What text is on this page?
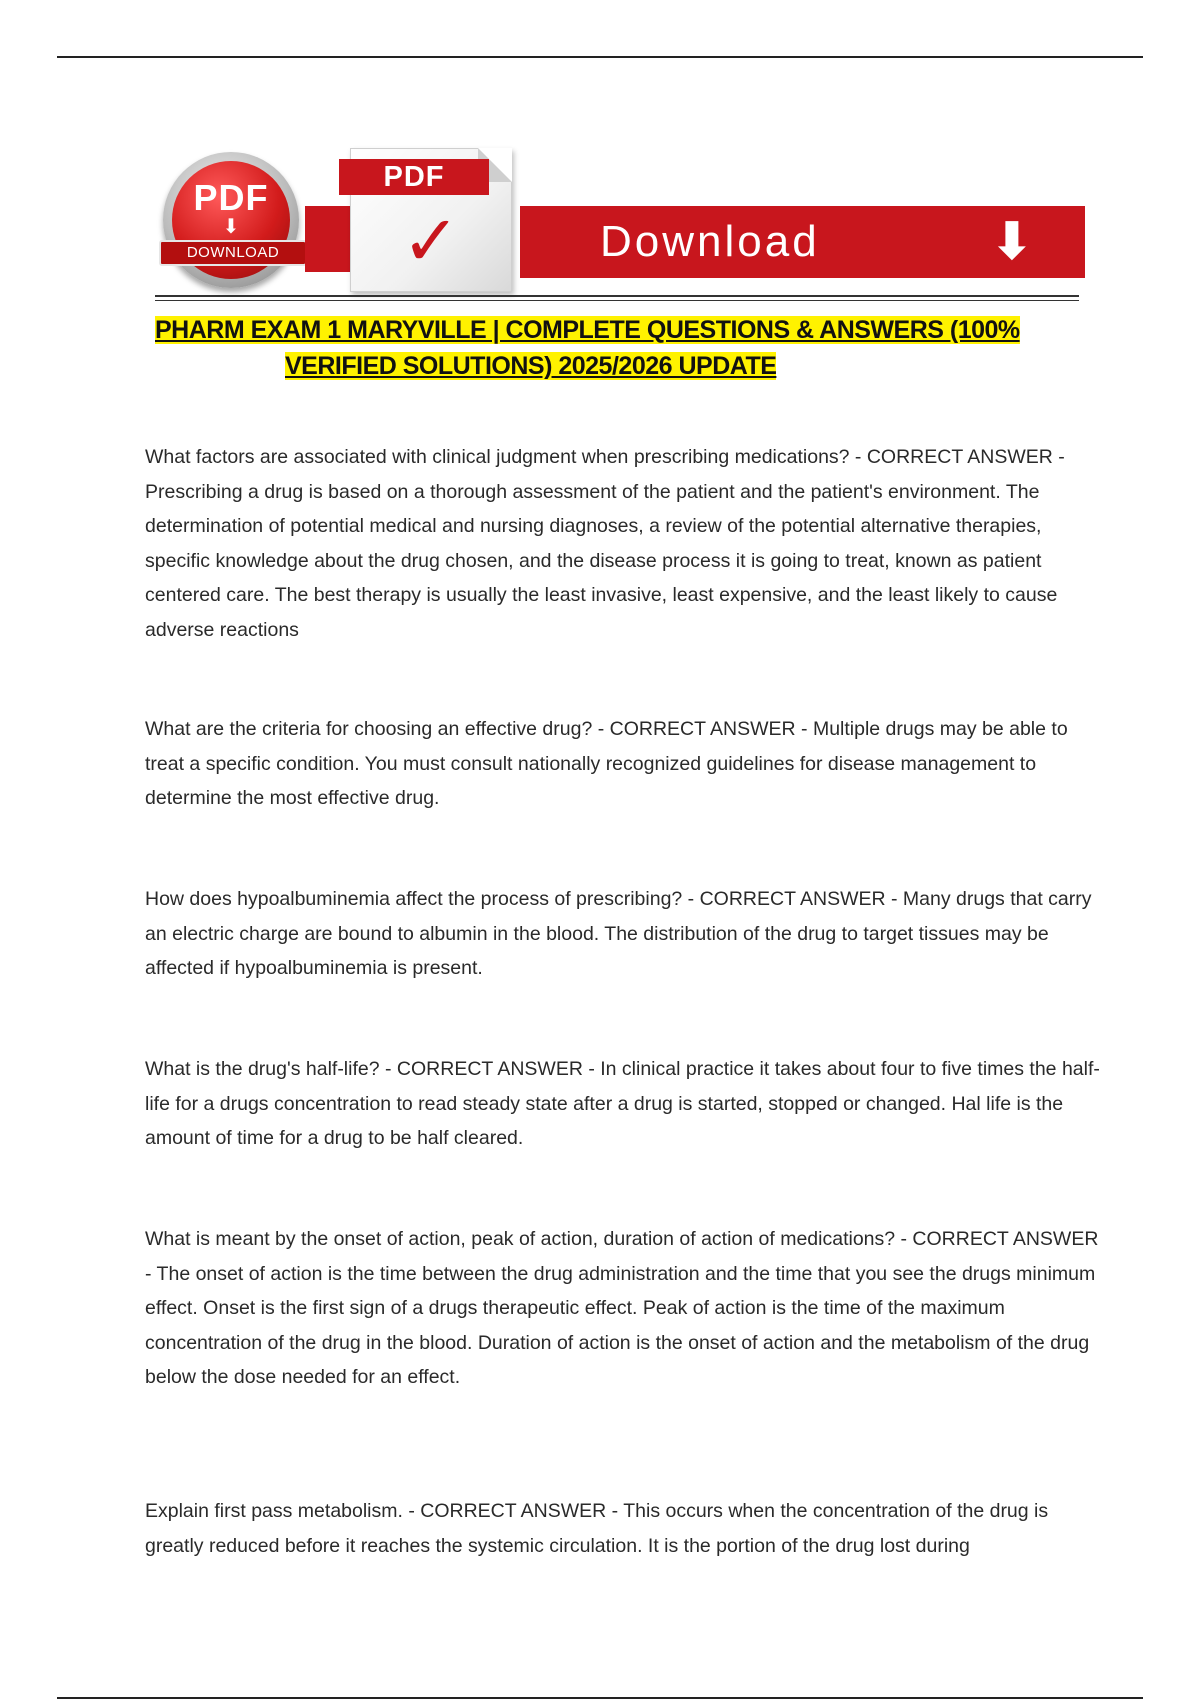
PDF
⬇
DOWNLOAD
PDF
✓	Download	⬇
PHARM EXAM 1 MARYVILLE | COMPLETE QUESTIONS & ANSWERS (100%
VERIFIED SOLUTIONS) 2025/2026 UPDATE

What factors are associated with clinical judgment when prescribing medications? - CORRECT ANSWER - Prescribing a drug is based on a thorough assessment of the patient and the patient's environment. The determination of potential medical and nursing diagnoses, a review of the potential alternative therapies, specific knowledge about the drug chosen, and the disease process it is going to treat, known as patient centered care. The best therapy is usually the least invasive, least expensive, and the least likely to cause adverse reactions

What are the criteria for choosing an effective drug? - CORRECT ANSWER - Multiple drugs may be able to treat a specific condition. You must consult nationally recognized guidelines for disease management to determine the most effective drug.

How does hypoalbuminemia affect the process of prescribing? - CORRECT ANSWER - Many drugs that carry an electric charge are bound to albumin in the blood. The distribution of the drug to target tissues may be affected if hypoalbuminemia is present.

What is the drug's half-life? - CORRECT ANSWER - In clinical practice it takes about four to five times the half-life for a drugs concentration to read steady state after a drug is started, stopped or changed. Hal life is the amount of time for a drug to be half cleared.

What is meant by the onset of action, peak of action, duration of action of medications? - CORRECT ANSWER - The onset of action is the time between the drug administration and the time that you see the drugs minimum effect. Onset is the first sign of a drugs therapeutic effect. Peak of action is the time of the maximum concentration of the drug in the blood. Duration of action is the onset of action and the metabolism of the drug below the dose needed for an effect.

Explain first pass metabolism. - CORRECT ANSWER - This occurs when the concentration of the drug is greatly reduced before it reaches the systemic circulation. It is the portion of the drug lost during
